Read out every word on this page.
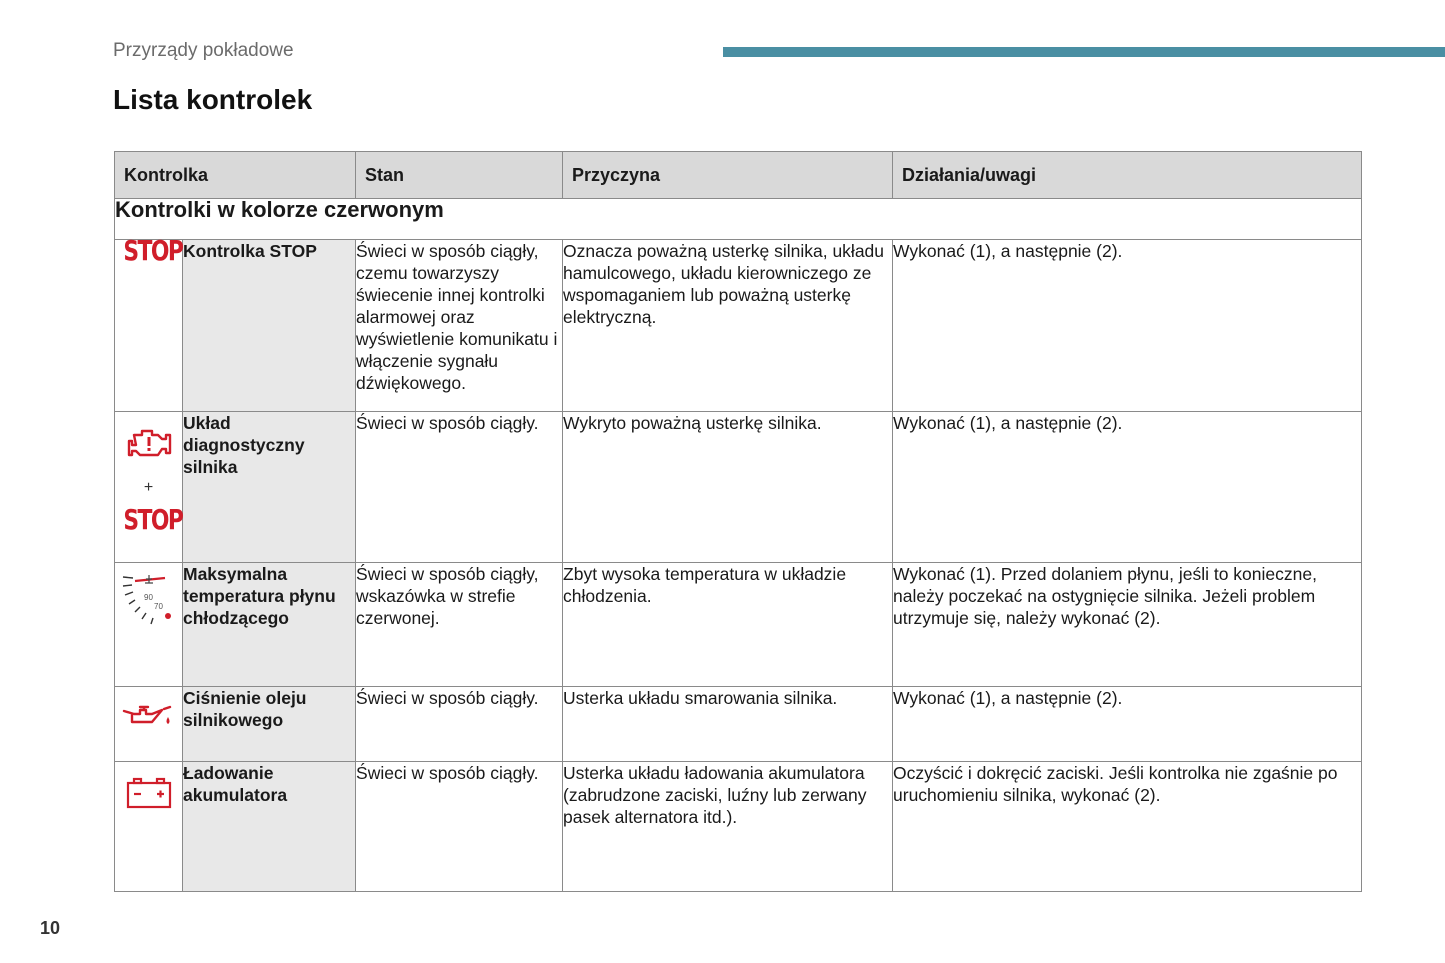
Przyrządy pokładowe
Lista kontrolek
Kontrolka		Stan	Przyczyna	Działania/uwagi
Kontrolki w kolorze czerwonym				
STOP	Kontrolka STOP	Świeci w sposób ciągły, czemu towarzyszy świecenie innej kontrolki alarmowej oraz wyświetlenie komunikatu i włączenie sygnału dźwiękowego.	Oznacza poważną usterkę silnika, układu hamulcowego, układu kierowniczego ze wspomaganiem lub poważną usterkę elektryczną.	Wykonać (1), a następnie (2).

+
STOP	Układ diagnostyczny silnika	Świeci w sposób ciągły.	Wykryto poważną usterkę silnika.	Wykonać (1), a następnie (2).

90
70	Maksymalna temperatura płynu chłodzącego	Świeci w sposób ciągły, wskazówka w strefie czerwonej.	Zbyt wysoka temperatura w układzie chłodzenia.	Wykonać (1). Przed dolaniem płynu, jeśli to konieczne, należy poczekać na ostygnięcie silnika. Jeżeli problem utrzymuje się, należy wykonać (2).
	Ciśnienie oleju silnikowego	Świeci w sposób ciągły.	Usterka układu smarowania silnika.	Wykonać (1), a następnie (2).
	Ładowanie akumulatora	Świeci w sposób ciągły.	Usterka układu ładowania akumulatora (zabrudzone zaciski, luźny lub zerwany pasek alternatora itd.).	Oczyścić i dokręcić zaciski. Jeśli kontrolka nie zgaśnie po uruchomieniu silnika, wykonać (2).
10
